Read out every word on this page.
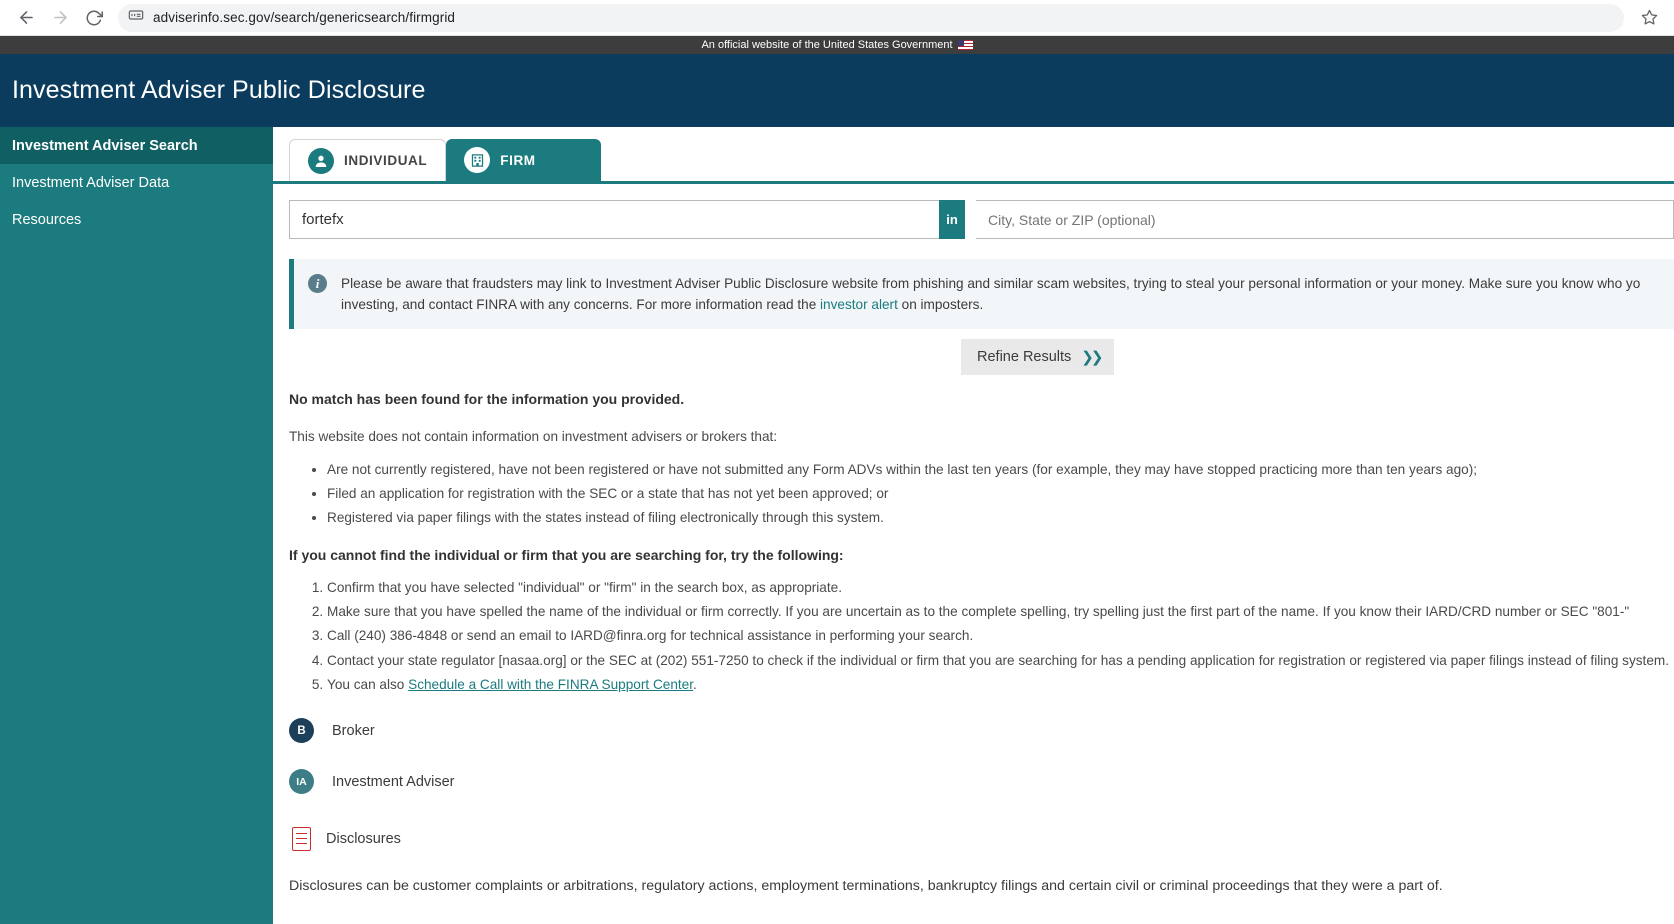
adviserinfo.sec.gov/search/genericsearch/firmgrid
An official website of the United States Government
Investment Adviser Public Disclosure
Investment Adviser Search
Investment Adviser Data
Resources
INDIVIDUAL	FIRM
fortefx
in
City, State or ZIP (optional)
i	Please be aware that fraudsters may link to Investment Adviser Public Disclosure website from phishing and similar scam websites, trying to steal your personal information or your money. Make sure you know who yo
investing, and contact FINRA with any concerns. For more information read the investor alert on imposters.
Refine Results ❯❯
No match has been found for the information you provided.
This website does not contain information on investment advisers or brokers that:
• Are not currently registered, have not been registered or have not submitted any Form ADVs within the last ten years (for example, they may have stopped practicing more than ten years ago);
• Filed an application for registration with the SEC or a state that has not yet been approved; or
• Registered via paper filings with the states instead of filing electronically through this system.
If you cannot find the individual or firm that you are searching for, try the following:
1. Confirm that you have selected "individual" or "firm" in the search box, as appropriate.
2. Make sure that you have spelled the name of the individual or firm correctly. If you are uncertain as to the complete spelling, try spelling just the first part of the name. If you know their IARD/CRD number or SEC "801-"
3. Call (240) 386-4848 or send an email to IARD@finra.org for technical assistance in performing your search.
4. Contact your state regulator [nasaa.org] or the SEC at (202) 551-7250 to check if the individual or firm that you are searching for has a pending application for registration or registered via paper filings instead of filing system.
5. You can also Schedule a Call with the FINRA Support Center.
B	Broker
IA	Investment Adviser
Disclosures
Disclosures can be customer complaints or arbitrations, regulatory actions, employment terminations, bankruptcy filings and certain civil or criminal proceedings that they were a part of.
